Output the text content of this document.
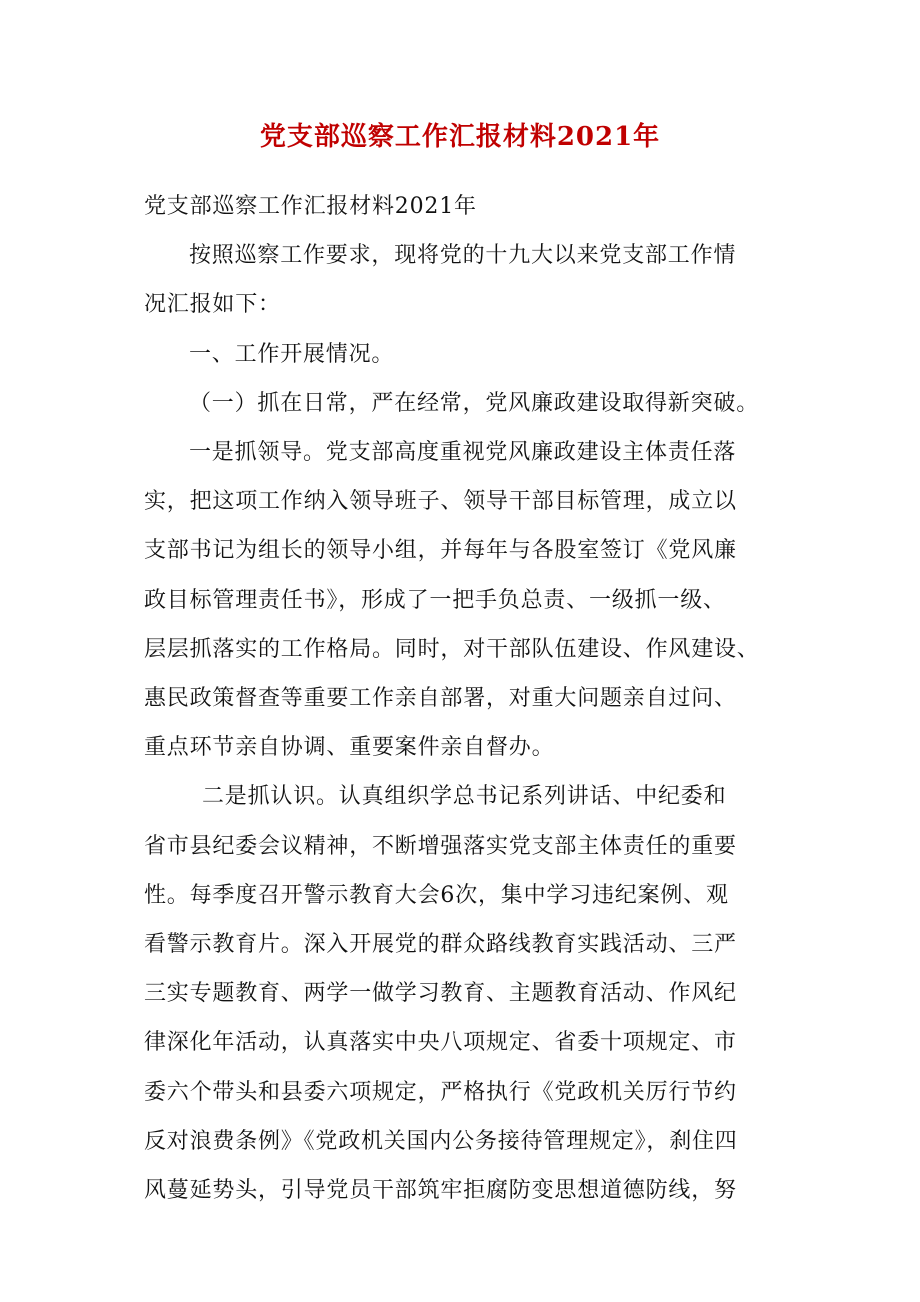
党支部巡察工作汇报材料2021年

党支部巡察工作汇报材料2021年

按照巡察工作要求，现将党的十九大以来党支部工作情

况汇报如下：

一、工作开展情况。

（一）抓在日常，严在经常，党风廉政建设取得新突破。

一是抓领导。党支部高度重视党风廉政建设主体责任落

实，把这项工作纳入领导班子、领导干部目标管理，成立以

支部书记为组长的领导小组，并每年与各股室签订《党风廉

政目标管理责任书》，形成了一把手负总责、一级抓一级、

层层抓落实的工作格局。同时，对干部队伍建设、作风建设、

惠民政策督查等重要工作亲自部署，对重大问题亲自过问、

重点环节亲自协调、重要案件亲自督办。

二是抓认识。认真组织学总书记系列讲话、中纪委和

省市县纪委会议精神，不断增强落实党支部主体责任的重要

性。每季度召开警示教育大会6次，集中学习违纪案例、观

看警示教育片。深入开展党的群众路线教育实践活动、三严

三实专题教育、两学一做学习教育、主题教育活动、作风纪

律深化年活动，认真落实中央八项规定、省委十项规定、市

委六个带头和县委六项规定，严格执行《党政机关厉行节约

反对浪费条例》《党政机关国内公务接待管理规定》，刹住四

风蔓延势头，引导党员干部筑牢拒腐防变思想道德防线，努
